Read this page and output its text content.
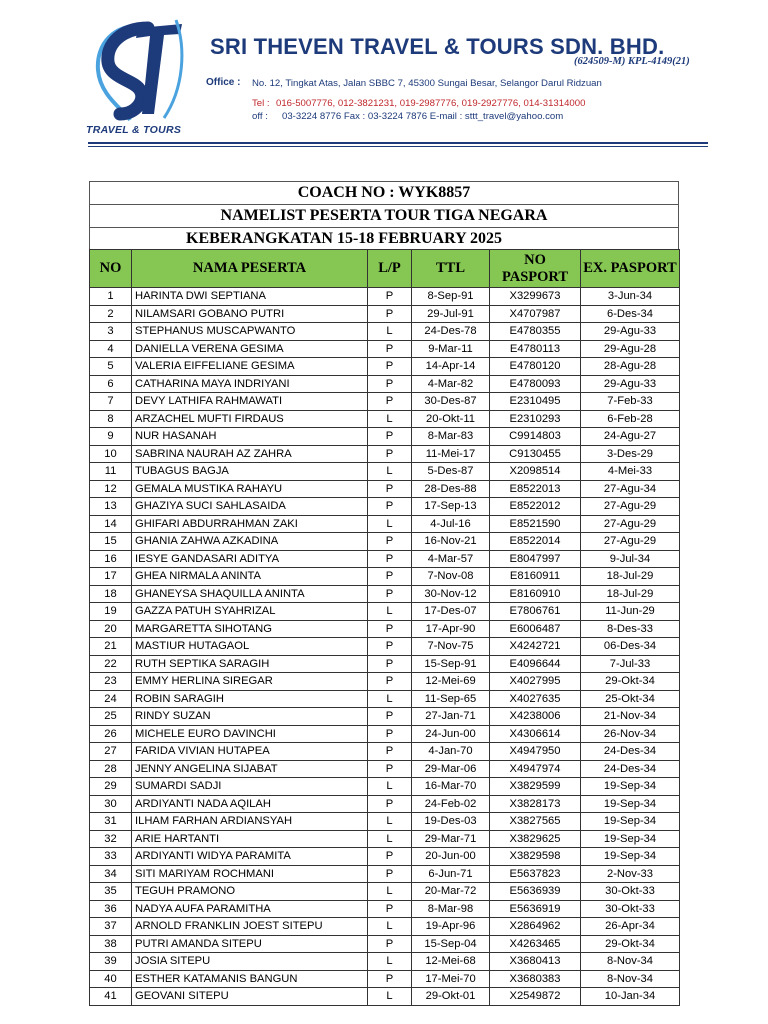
TRAVEL & TOURS
SRI THEVEN TRAVEL & TOURS SDN. BHD.
(624509-M) KPL-4149(21)
Office : No. 12, Tingkat Atas, Jalan SBBC 7, 45300 Sungai Besar, Selangor Darul Ridzuan
Tel : 016-5007776, 012-3821231, 019-2987776, 019-2927776, 014-31314000
off : 03-3224 8776 Fax : 03-3224 7876 E-mail : sttt_travel@yahoo.com
COACH NO : WYK8857
NAMELIST PESERTA TOUR TIGA NEGARA
KEBERANGKATAN 15-18 FEBRUARY 2025
NO	NAMA PESERTA	L/P	TTL	NO PASPORT	EX. PASPORT
1	HARINTA DWI SEPTIANA	P	8-Sep-91	X3299673	3-Jun-34
2	NILAMSARI GOBANO PUTRI	P	29-Jul-91	X4707987	6-Des-34
3	STEPHANUS MUSCAPWANTO	L	24-Des-78	E4780355	29-Agu-33
4	DANIELLA VERENA GESIMA	P	9-Mar-11	E4780113	29-Agu-28
5	VALERIA EIFFELIANE GESIMA	P	14-Apr-14	E4780120	28-Agu-28
6	CATHARINA MAYA INDRIYANI	P	4-Mar-82	E4780093	29-Agu-33
7	DEVY LATHIFA RAHMAWATI	P	30-Des-87	E2310495	7-Feb-33
8	ARZACHEL MUFTI FIRDAUS	L	20-Okt-11	E2310293	6-Feb-28
9	NUR HASANAH	P	8-Mar-83	C9914803	24-Agu-27
10	SABRINA NAURAH AZ ZAHRA	P	11-Mei-17	C9130455	3-Des-29
11	TUBAGUS BAGJA	L	5-Des-87	X2098514	4-Mei-33
12	GEMALA MUSTIKA RAHAYU	P	28-Des-88	E8522013	27-Agu-34
13	GHAZIYA SUCI SAHLASAIDA	P	17-Sep-13	E8522012	27-Agu-29
14	GHIFARI ABDURRAHMAN ZAKI	L	4-Jul-16	E8521590	27-Agu-29
15	GHANIA ZAHWA AZKADINA	P	16-Nov-21	E8522014	27-Agu-29
16	IESYE GANDASARI ADITYA	P	4-Mar-57	E8047997	9-Jul-34
17	GHEA NIRMALA ANINTA	P	7-Nov-08	E8160911	18-Jul-29
18	GHANEYSA SHAQUILLA ANINTA	P	30-Nov-12	E8160910	18-Jul-29
19	GAZZA PATUH SYAHRIZAL	L	17-Des-07	E7806761	11-Jun-29
20	MARGARETTA SIHOTANG	P	17-Apr-90	E6006487	8-Des-33
21	MASTIUR HUTAGAOL	P	7-Nov-75	X4242721	06-Des-34
22	RUTH SEPTIKA SARAGIH	P	15-Sep-91	E4096644	7-Jul-33
23	EMMY HERLINA SIREGAR	P	12-Mei-69	X4027995	29-Okt-34
24	ROBIN SARAGIH	L	11-Sep-65	X4027635	25-Okt-34
25	RINDY SUZAN	P	27-Jan-71	X4238006	21-Nov-34
26	MICHELE EURO DAVINCHI	P	24-Jun-00	X4306614	26-Nov-34
27	FARIDA VIVIAN HUTAPEA	P	4-Jan-70	X4947950	24-Des-34
28	JENNY ANGELINA SIJABAT	P	29-Mar-06	X4947974	24-Des-34
29	SUMARDI SADJI	L	16-Mar-70	X3829599	19-Sep-34
30	ARDIYANTI NADA AQILAH	P	24-Feb-02	X3828173	19-Sep-34
31	ILHAM FARHAN ARDIANSYAH	L	19-Des-03	X3827565	19-Sep-34
32	ARIE HARTANTI	L	29-Mar-71	X3829625	19-Sep-34
33	ARDIYANTI WIDYA PARAMITA	P	20-Jun-00	X3829598	19-Sep-34
34	SITI MARIYAM ROCHMANI	P	6-Jun-71	E5637823	2-Nov-33
35	TEGUH PRAMONO	L	20-Mar-72	E5636939	30-Okt-33
36	NADYA AUFA PARAMITHA	P	8-Mar-98	E5636919	30-Okt-33
37	ARNOLD FRANKLIN JOEST SITEPU	L	19-Apr-96	X2864962	26-Apr-34
38	PUTRI AMANDA SITEPU	P	15-Sep-04	X4263465	29-Okt-34
39	JOSIA SITEPU	L	12-Mei-68	X3680413	8-Nov-34
40	ESTHER KATAMANIS BANGUN	P	17-Mei-70	X3680383	8-Nov-34
41	GEOVANI SITEPU	L	29-Okt-01	X2549872	10-Jan-34
